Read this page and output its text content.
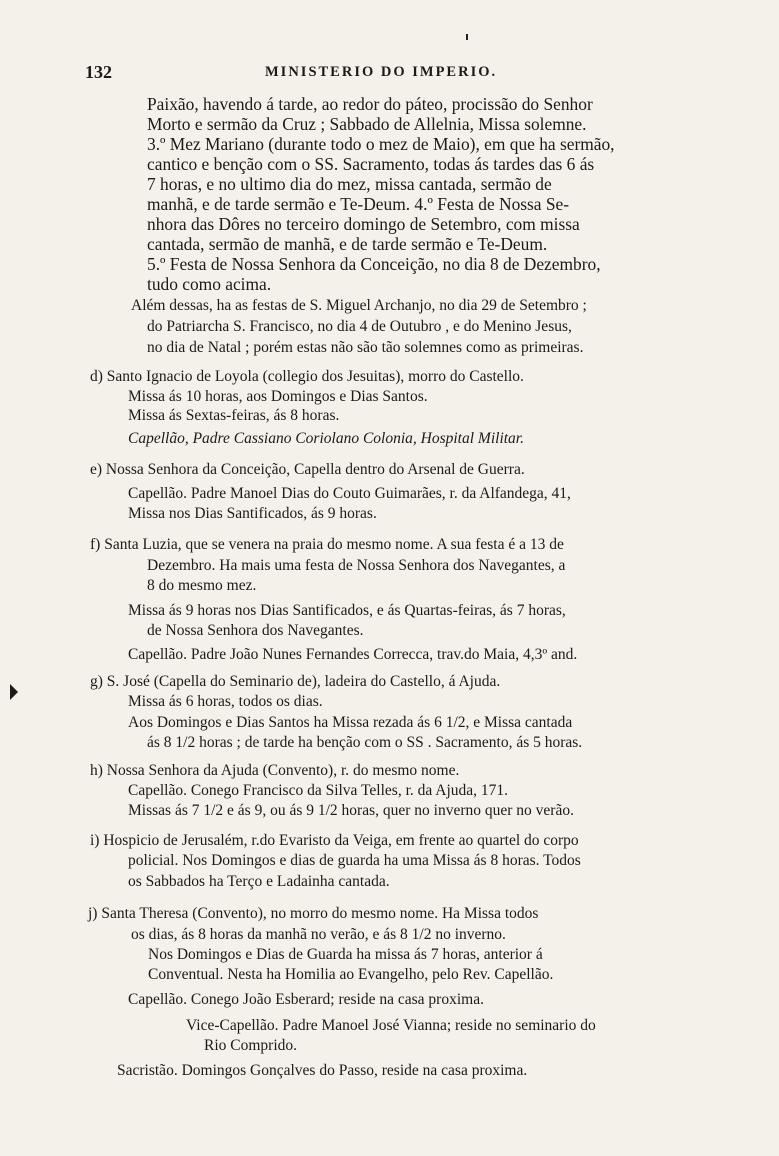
132	MINISTERIO DO IMPERIO.
Paixão, havendo á tarde, ao redor do páteo, procissão do Senhor
Morto e sermão da Cruz ; Sabbado de Allelnia, Missa solemne.
3.º Mez Mariano (durante todo o mez de Maio), em que ha sermão,
cantico e benção com o SS. Sacramento, todas ás tardes das 6 ás
7 horas, e no ultimo dia do mez, missa cantada, sermão de
manhã, e de tarde sermão e Te-Deum. 4.º Festa de Nossa Se-
nhora das Dôres no terceiro domingo de Setembro, com missa
cantada, sermão de manhã, e de tarde sermão e Te-Deum.
5.º Festa de Nossa Senhora da Conceição, no dia 8 de Dezembro,
tudo como acima.
Além dessas, ha as festas de S. Miguel Archanjo, no dia 29 de Setembro ;
do Patriarcha S. Francisco, no dia 4 de Outubro , e do Menino Jesus,
no dia de Natal ; porém estas não são tão solemnes como as primeiras.
d) Santo Ignacio de Loyola (collegio dos Jesuitas), morro do Castello.
Missa ás 10 horas, aos Domingos e Dias Santos.
Missa ás Sextas-feiras, ás 8 horas.
Capellão, Padre Cassiano Coriolano Colonia, Hospital Militar.
e) Nossa Senhora da Conceição, Capella dentro do Arsenal de Guerra.
Capellão. Padre Manoel Dias do Couto Guimarães, r. da Alfandega, 41,
Missa nos Dias Santificados, ás 9 horas.
f) Santa Luzia, que se venera na praia do mesmo nome. A sua festa é a 13 de
Dezembro. Ha mais uma festa de Nossa Senhora dos Navegantes, a
8 do mesmo mez.
Missa ás 9 horas nos Dias Santificados, e ás Quartas-feiras, ás 7 horas,
de Nossa Senhora dos Navegantes.
Capellão. Padre João Nunes Fernandes Correcca, trav.do Maia, 4,3º and.
g) S. José (Capella do Seminario de), ladeira do Castello, á Ajuda.
Missa ás 6 horas, todos os dias.
Aos Domingos e Dias Santos ha Missa rezada ás 6 1/2, e Missa cantada
ás 8 1/2 horas ; de tarde ha benção com o SS . Sacramento, ás 5 horas.
h) Nossa Senhora da Ajuda (Convento), r. do mesmo nome.
Capellão. Conego Francisco da Silva Telles, r. da Ajuda, 171.
Missas ás 7 1/2 e ás 9, ou ás 9 1/2 horas, quer no inverno quer no verão.
i) Hospicio de Jerusalém, r.do Evaristo da Veiga, em frente ao quartel do corpo
policial. Nos Domingos e dias de guarda ha uma Missa ás 8 horas. Todos
os Sabbados ha Terço e Ladainha cantada.
j) Santa Theresa (Convento), no morro do mesmo nome. Ha Missa todos
os dias, ás 8 horas da manhã no verão, e ás 8 1/2 no inverno.
Nos Domingos e Dias de Guarda ha missa ás 7 horas, anterior á
Conventual. Nesta ha Homilia ao Evangelho, pelo Rev. Capellão.
Capellão. Conego João Esberard; reside na casa proxima.
Vice-Capellão. Padre Manoel José Vianna; reside no seminario do
Rio Comprido.
Sacristão. Domingos Gonçalves do Passo, reside na casa proxima.
